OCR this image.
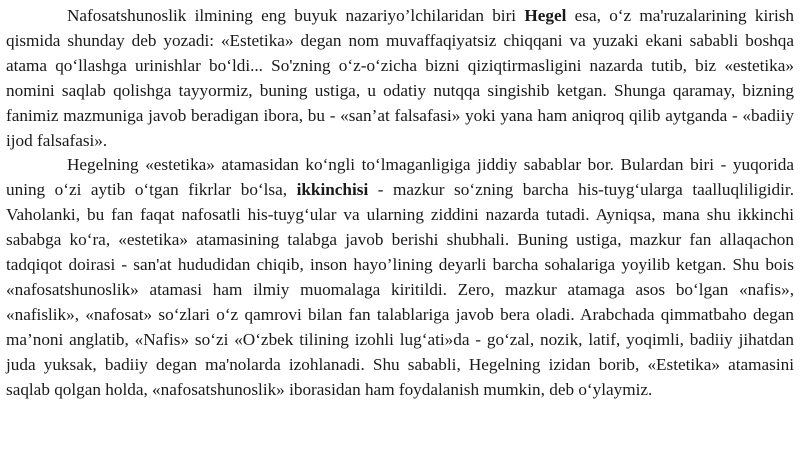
Nafosatshunoslik ilmining eng buyuk nazariyo’lchilaridan biri Hegel esa, o‘z ma'ruzalarining kirish qismida shunday deb yozadi: «Estetika» degan nom muvaffaqiyatsiz chiqqani va yuzaki ekani sababli boshqa atama qo‘llashga urinishlar bo‘ldi... So'zning o‘z-o‘zicha bizni qiziqtirmasligini nazarda tutib, biz «estetika» nomini saqlab qolishga tayyormiz, buning ustiga, u odatiy nutqqa singishib ketgan. Shunga qaramay, bizning fanimiz mazmuniga javob beradigan ibora, bu - «san’at falsafasi» yoki yana ham aniqroq qilib aytganda - «badiiy ijod falsafasi».

Hegelning «estetika» atamasidan ko‘ngli to‘lmaganligiga jiddiy sabablar bor. Bulardan biri - yuqorida uning o‘zi aytib o‘tgan fikrlar bo‘lsa, ikkinchisi - mazkur so‘zning barcha his-tuyg‘ularga taalluqliligidir. Vaholanki, bu fan faqat nafosatli his-tuyg‘ular va ularning ziddini nazarda tutadi. Ayniqsa, mana shu ikkinchi sababga ko‘ra, «estetika» atamasining talabga javob berishi shubhali. Buning ustiga, mazkur fan allaqachon tadqiqot doirasi - san'at hududidan chiqib, inson hayo’lining deyarli barcha sohalariga yoyilib ketgan. Shu bois «nafosatshunoslik» atamasi ham ilmiy muomalaga kiritildi. Zero, mazkur atamaga asos bo‘lgan «nafis», «nafislik», «nafosat» so‘zlari o‘z qamrovi bilan fan talablariga javob bera oladi. Arabchada qimmatbaho degan ma’noni anglatib, «Nafis» so‘zi «O‘zbek tilining izohli lug‘ati»da - go‘zal, nozik, latif, yoqimli, badiiy jihatdan juda yuksak, badiiy degan ma'nolarda izohlanadi. Shu sababli, Hegelning izidan borib, «Estetika» atamasini saqlab qolgan holda, «nafosatshunoslik» iborasidan ham foydalanish mumkin, deb o‘ylaymiz.
